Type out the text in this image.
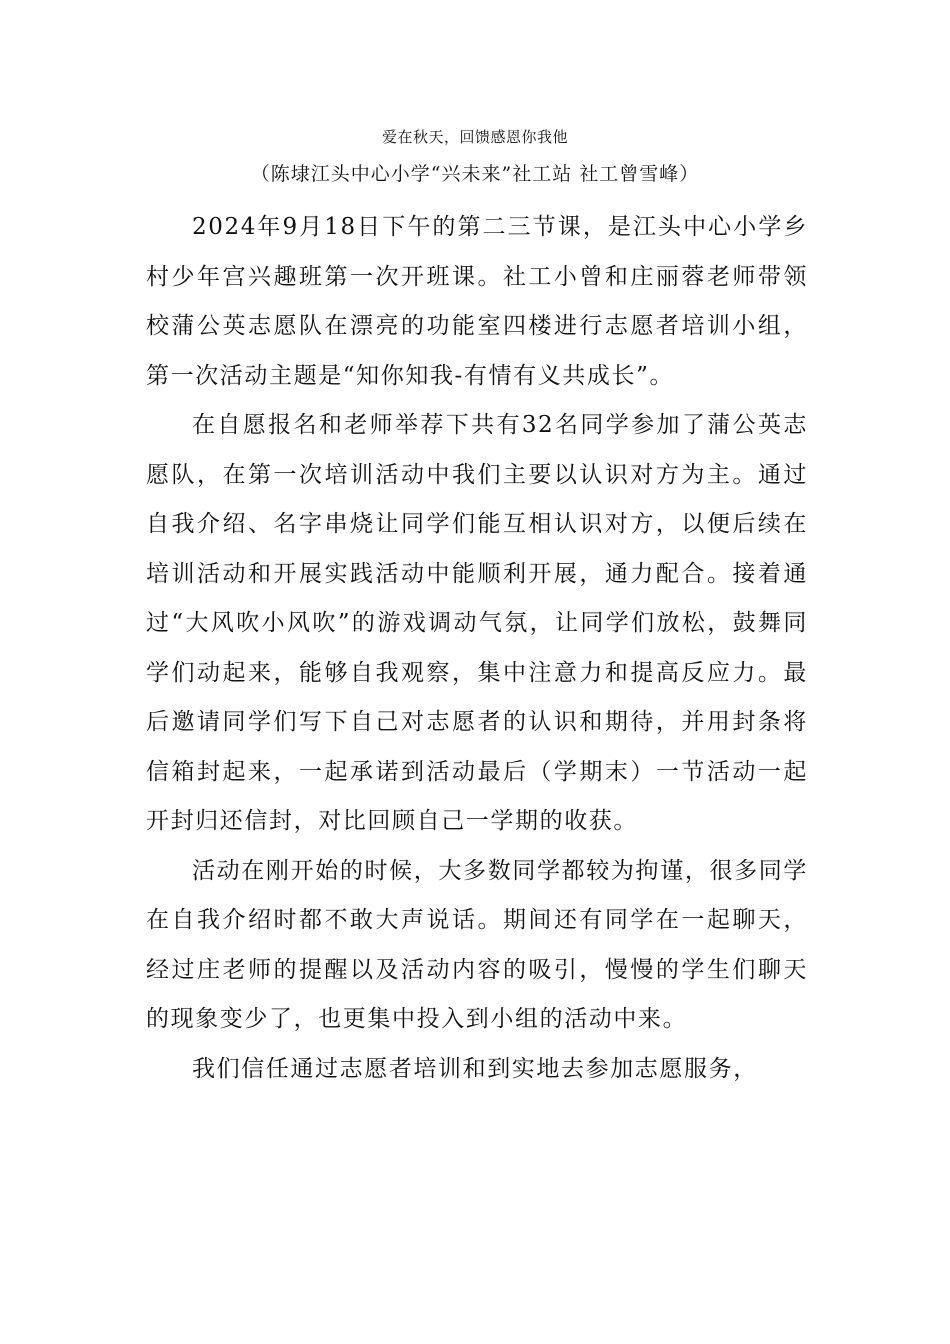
爱在秋天，回馈感恩你我他
（陈埭江头中心小学“兴未来”社工站 社工曾雪峰）

2024年9月18日下午的第二三节课，是江头中心小学乡村少年宫兴趣班第一次开班课。社工小曾和庄丽蓉老师带领校蒲公英志愿队在漂亮的功能室四楼进行志愿者培训小组，第一次活动主题是“知你知我-有情有义共成长”。

在自愿报名和老师举荐下共有32名同学参加了蒲公英志愿队，在第一次培训活动中我们主要以认识对方为主。通过自我介绍、名字串烧让同学们能互相认识对方，以便后续在培训活动和开展实践活动中能顺利开展，通力配合。接着通过“大风吹小风吹”的游戏调动气氛，让同学们放松，鼓舞同学们动起来，能够自我观察，集中注意力和提高反应力。最后邀请同学们写下自己对志愿者的认识和期待，并用封条将信箱封起来，一起承诺到活动最后（学期末）一节活动一起开封归还信封，对比回顾自己一学期的收获。

活动在刚开始的时候，大多数同学都较为拘谨，很多同学在自我介绍时都不敢大声说话。期间还有同学在一起聊天，经过庄老师的提醒以及活动内容的吸引，慢慢的学生们聊天的现象变少了，也更集中投入到小组的活动中来。

我们信任通过志愿者培训和到实地去参加志愿服务，
